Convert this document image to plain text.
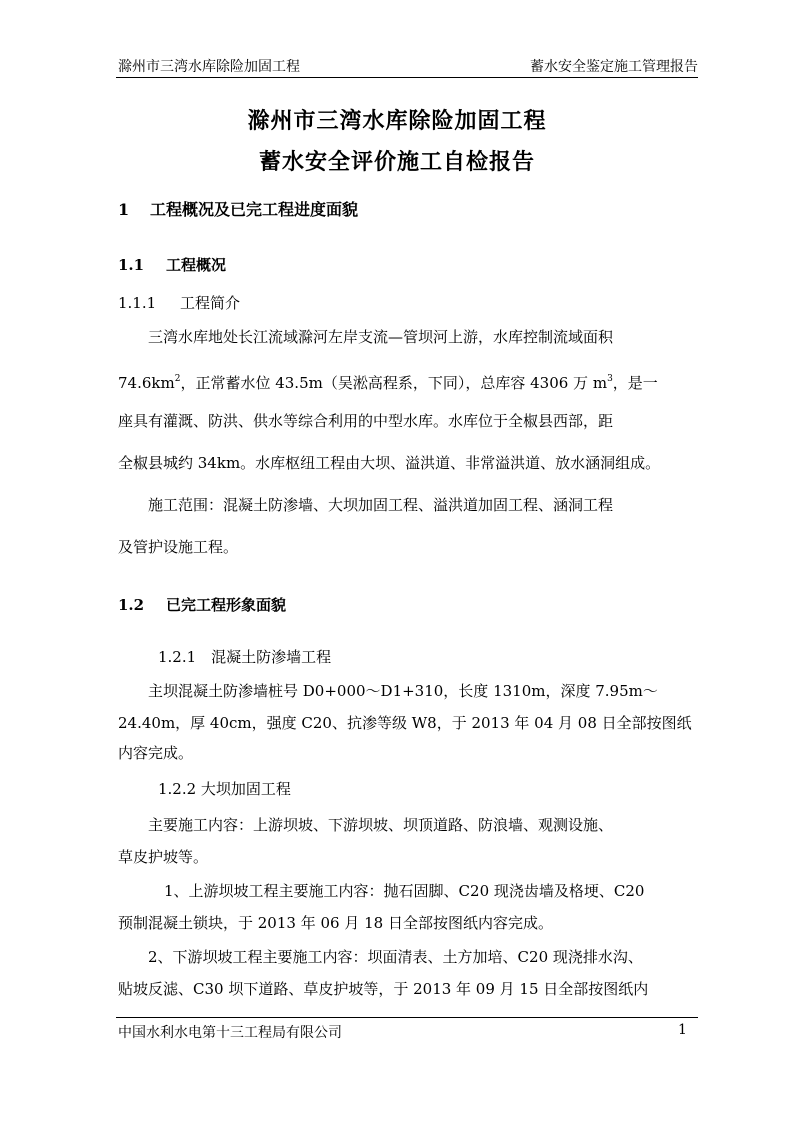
滁州市三湾水库除险加固工程	蓄水安全鉴定施工管理报告
滁州市三湾水库除险加固工程
蓄水安全评价施工自检报告
1 工程概况及已完工程进度面貌
1.1 工程概况
1.1.1 工程简介
三湾水库地处长江流域滁河左岸支流—管坝河上游，水库控制流域面积
$74.6km^2$，正常蓄水位 43.5m（吴淞高程系，下同），总库容 4306 万 $m^3$，是一
座具有灌溉、防洪、供水等综合利用的中型水库。水库位于全椒县西部，距
全椒县城约 34km。水库枢纽工程由大坝、溢洪道、非常溢洪道、放水涵洞组成。
施工范围：混凝土防渗墙、大坝加固工程、溢洪道加固工程、涵洞工程
及管护设施工程。
1.2 已完工程形象面貌
1.2.1　混凝土防渗墙工程
主坝混凝土防渗墙桩号 D0+000～D1+310，长度 1310m，深度 7.95m～
24.40m，厚 40cm，强度 C20、抗渗等级 W8，于 2013 年 04 月 08 日全部按图纸
内容完成。
1.2.2 大坝加固工程
主要施工内容：上游坝坡、下游坝坡、坝顶道路、防浪墙、观测设施、
草皮护坡等。
1、上游坝坡工程主要施工内容：抛石固脚、C20 现浇齿墙及格埂、C20
预制混凝土锁块，于 2013 年 06 月 18 日全部按图纸内容完成。
2、下游坝坡工程主要施工内容：坝面清表、土方加培、C20 现浇排水沟、
贴坡反滤、C30 坝下道路、草皮护坡等，于 2013 年 09 月 15 日全部按图纸内
中国水利水电第十三工程局有限公司	1
